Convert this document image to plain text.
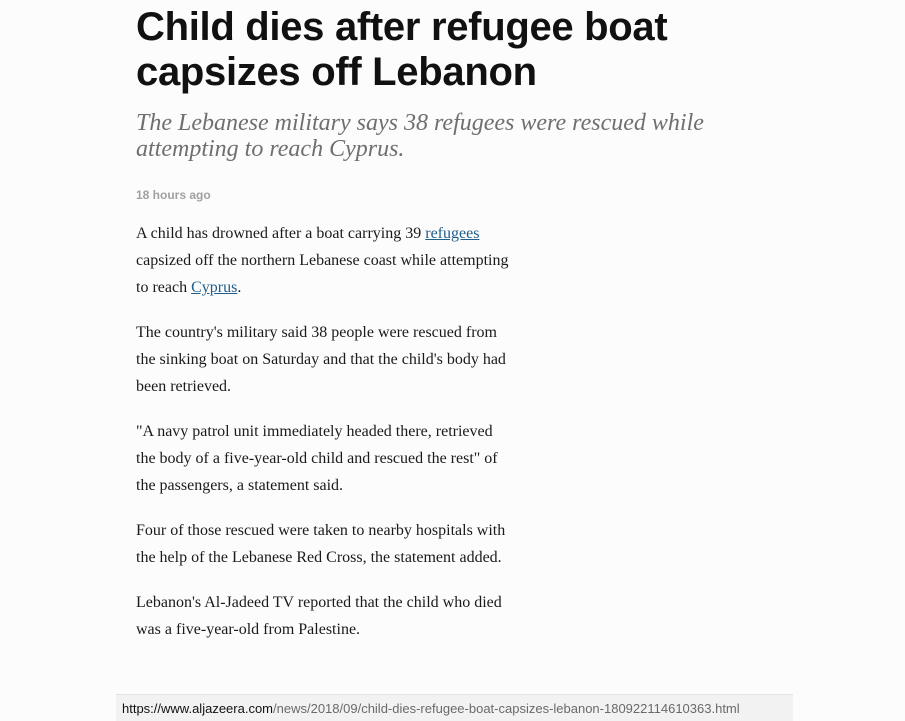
Child dies after refugee boat capsizes off Lebanon

The Lebanese military says 38 refugees were rescued while attempting to reach Cyprus.

18 hours ago

A child has drowned after a boat carrying 39 refugees capsized off the northern Lebanese coast while attempting to reach Cyprus.

The country's military said 38 people were rescued from the sinking boat on Saturday and that the child's body had been retrieved.

"A navy patrol unit immediately headed there, retrieved the body of a five-year-old child and rescued the rest" of the passengers, a statement said.

Four of those rescued were taken to nearby hospitals with the help of the Lebanese Red Cross, the statement added.

Lebanon's Al-Jadeed TV reported that the child who died was a five-year-old from Palestine.

https://www.aljazeera.com/news/2018/09/child-dies-refugee-boat-capsizes-lebanon-180922114610363.html
